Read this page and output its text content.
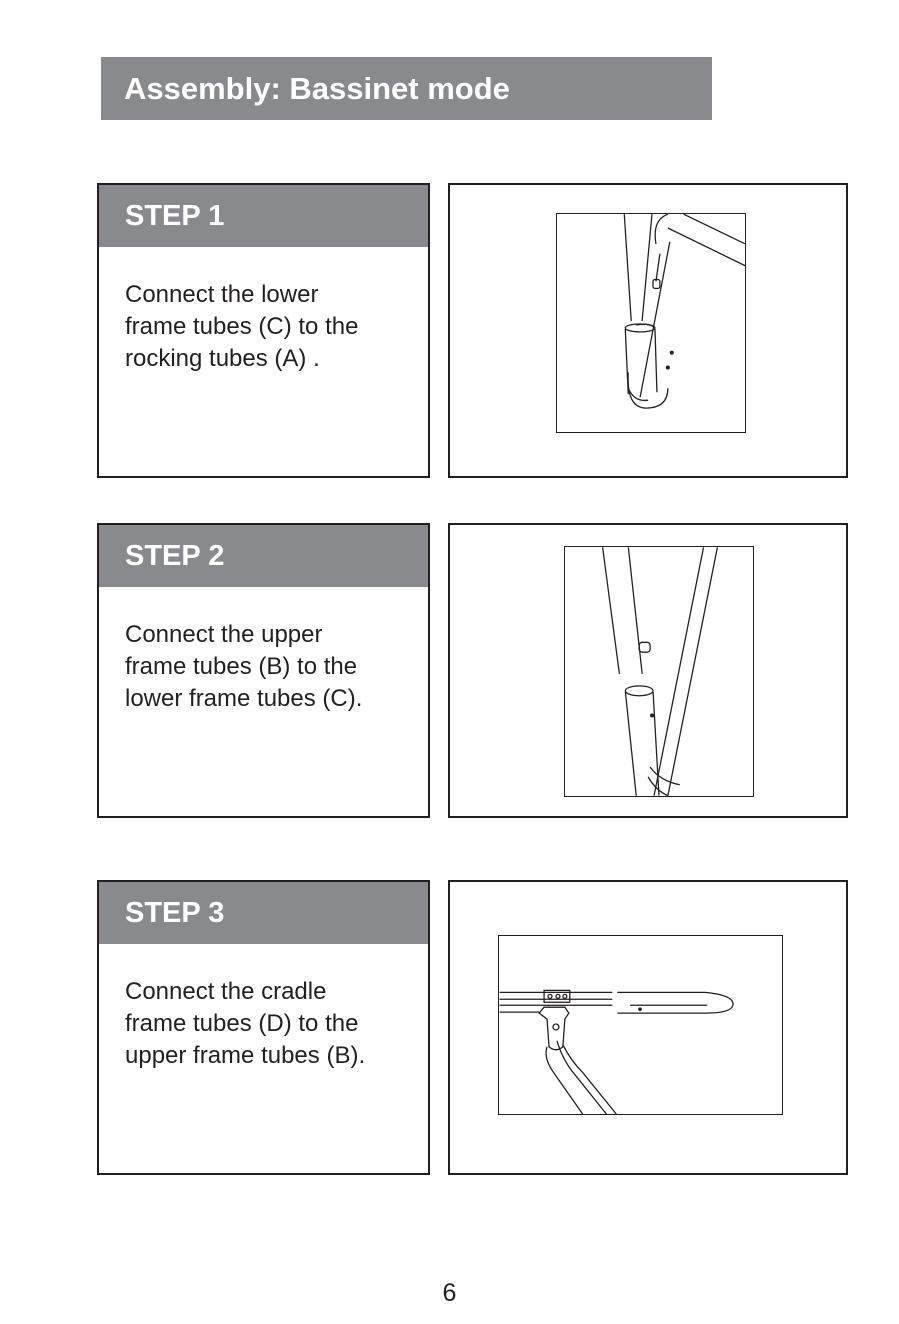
Assembly: Bassinet mode
STEP 1

Connect the lower
frame tubes (C) to the
rocking tubes (A) .

STEP 2

Connect the upper
frame tubes (B) to the
lower frame tubes (C).

STEP 3

Connect the cradle
frame tubes (D) to the
upper frame tubes (B).

6
